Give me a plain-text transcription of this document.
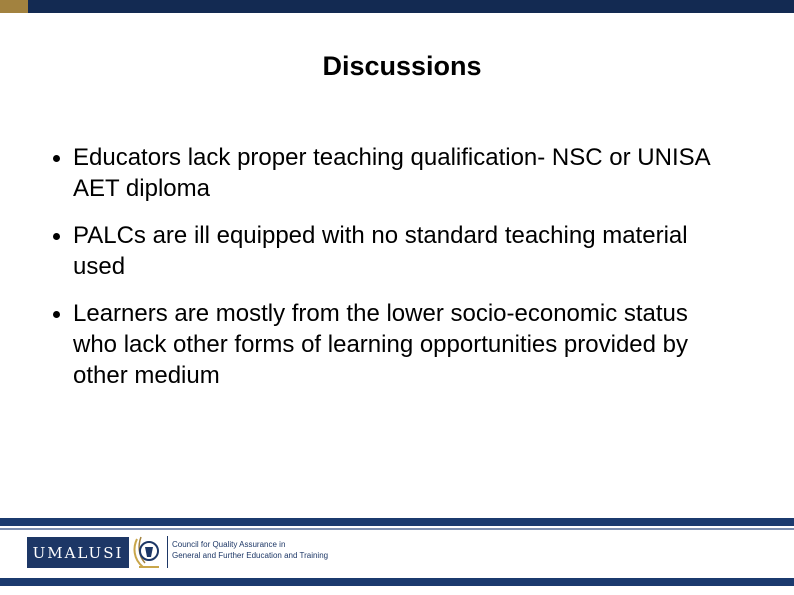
Discussions
Educators lack proper teaching qualification- NSC or UNISA AET diploma
PALCs are ill equipped with no standard teaching material used
Learners are mostly from the lower socio-economic status who lack other forms of learning opportunities provided by other medium
UMALUSI	Council for Quality Assurance in
General and Further Education and Training
